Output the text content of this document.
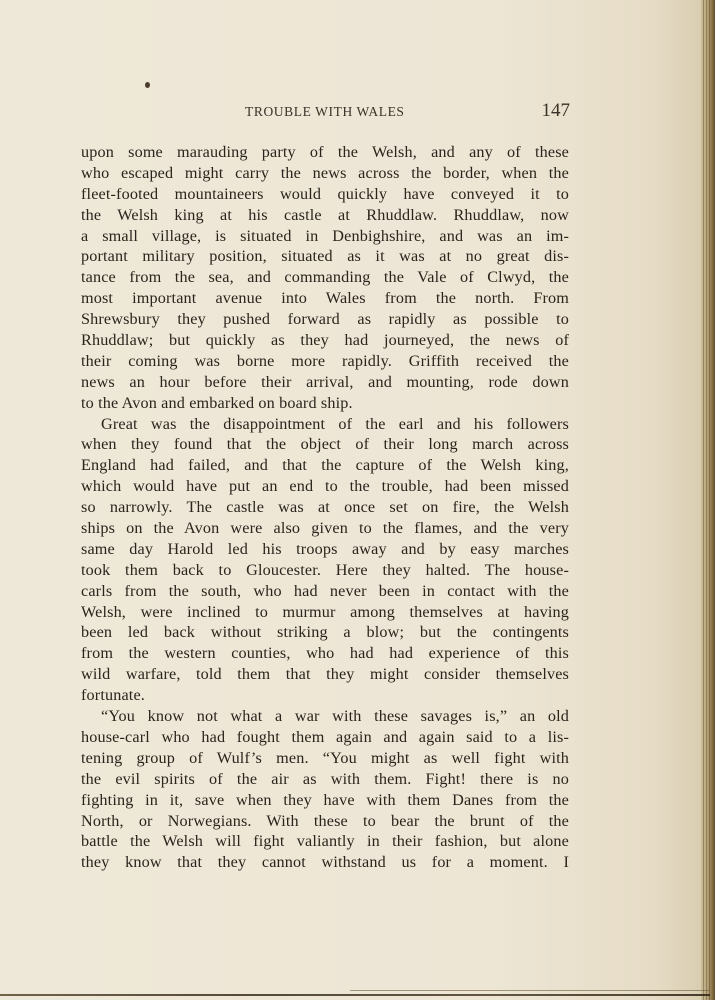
TROUBLE WITH WALES	147
upon some marauding party of the Welsh, and any of these
who escaped might carry the news across the border, when the
fleet-footed mountaineers would quickly have conveyed it to
the Welsh king at his castle at Rhuddlaw. Rhuddlaw, now
a small village, is situated in Denbighshire, and was an im-
portant military position, situated as it was at no great dis-
tance from the sea, and commanding the Vale of Clwyd, the
most important avenue into Wales from the north. From
Shrewsbury they pushed forward as rapidly as possible to
Rhuddlaw; but quickly as they had journeyed, the news of
their coming was borne more rapidly. Griffith received the
news an hour before their arrival, and mounting, rode down
to the Avon and embarked on board ship.
Great was the disappointment of the earl and his followers
when they found that the object of their long march across
England had failed, and that the capture of the Welsh king,
which would have put an end to the trouble, had been missed
so narrowly. The castle was at once set on fire, the Welsh
ships on the Avon were also given to the flames, and the very
same day Harold led his troops away and by easy marches
took them back to Gloucester. Here they halted. The house-
carls from the south, who had never been in contact with the
Welsh, were inclined to murmur among themselves at having
been led back without striking a blow; but the contingents
from the western counties, who had had experience of this
wild warfare, told them that they might consider themselves
fortunate.
“You know not what a war with these savages is,” an old
house-carl who had fought them again and again said to a lis-
tening group of Wulf’s men. “You might as well fight with
the evil spirits of the air as with them. Fight! there is no
fighting in it, save when they have with them Danes from the
North, or Norwegians. With these to bear the brunt of the
battle the Welsh will fight valiantly in their fashion, but alone
they know that they cannot withstand us for a moment. I
